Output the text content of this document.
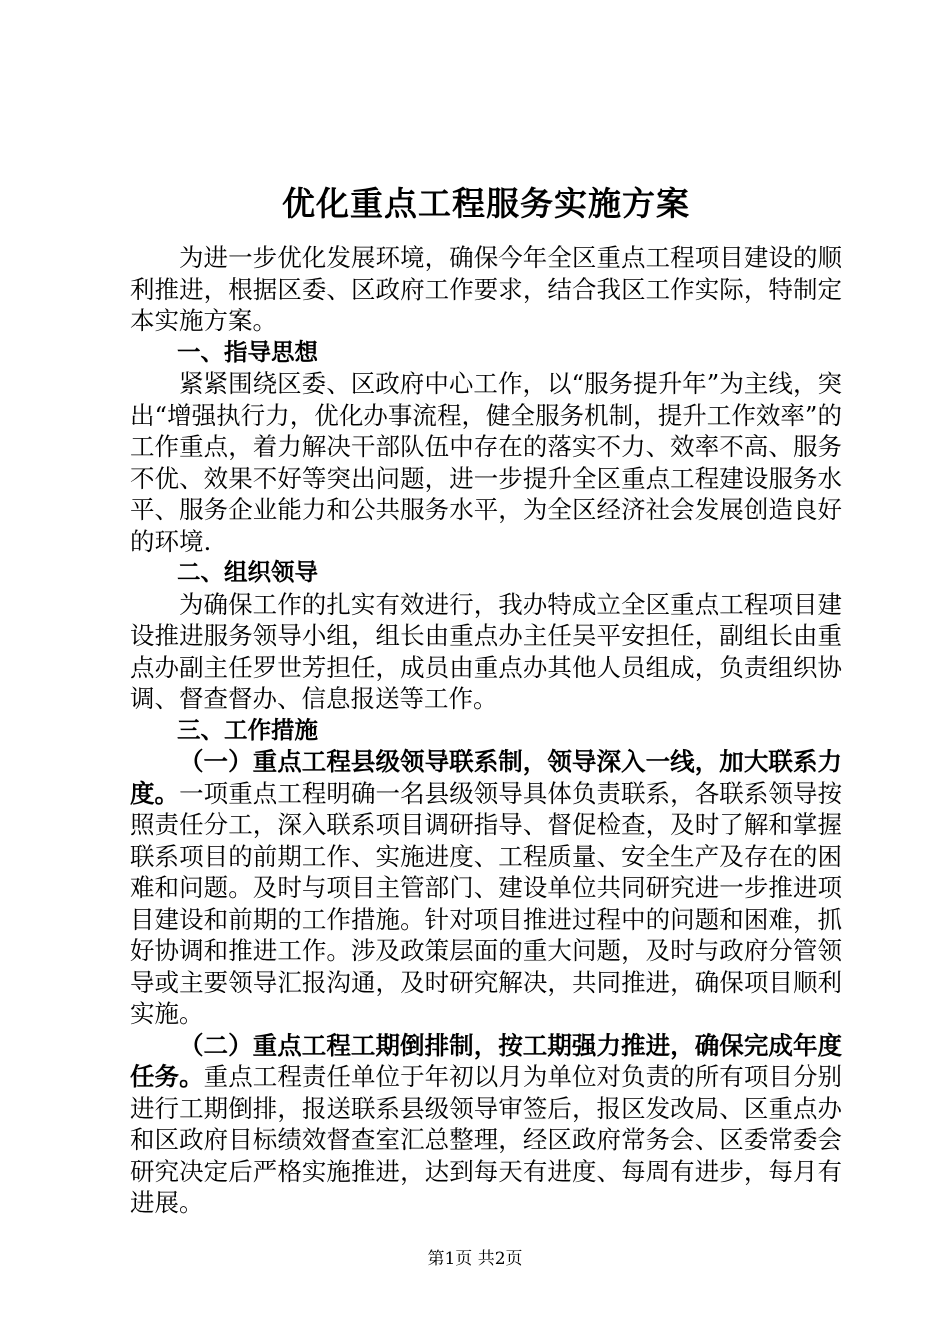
优化重点工程服务实施方案

为进一步优化发展环境，确保今年全区重点工程项目建设的顺利推进，根据区委、区政府工作要求，结合我区工作实际，特制定本实施方案。

一、指导思想

紧紧围绕区委、区政府中心工作，以“服务提升年”为主线，突出“增强执行力，优化办事流程，健全服务机制，提升工作效率”的工作重点，着力解决干部队伍中存在的落实不力、效率不高、服务不优、效果不好等突出问题，进一步提升全区重点工程建设服务水平、服务企业能力和公共服务水平，为全区经济社会发展创造良好的环境.

二、组织领导

为确保工作的扎实有效进行，我办特成立全区重点工程项目建设推进服务领导小组，组长由重点办主任吴平安担任，副组长由重点办副主任罗世芳担任，成员由重点办其他人员组成，负责组织协调、督查督办、信息报送等工作。

三、工作措施

（一）重点工程县级领导联系制，领导深入一线，加大联系力度。一项重点工程明确一名县级领导具体负责联系，各联系领导按照责任分工，深入联系项目调研指导、督促检查，及时了解和掌握联系项目的前期工作、实施进度、工程质量、安全生产及存在的困难和问题。及时与项目主管部门、建设单位共同研究进一步推进项目建设和前期的工作措施。针对项目推进过程中的问题和困难，抓好协调和推进工作。涉及政策层面的重大问题，及时与政府分管领导或主要领导汇报沟通，及时研究解决，共同推进，确保项目顺利实施。

（二）重点工程工期倒排制，按工期强力推进，确保完成年度任务。重点工程责任单位于年初以月为单位对负责的所有项目分别进行工期倒排，报送联系县级领导审签后，报区发改局、区重点办和区政府目标绩效督查室汇总整理，经区政府常务会、区委常委会研究决定后严格实施推进，达到每天有进度、每周有进步，每月有进展。

第1页 共2页
